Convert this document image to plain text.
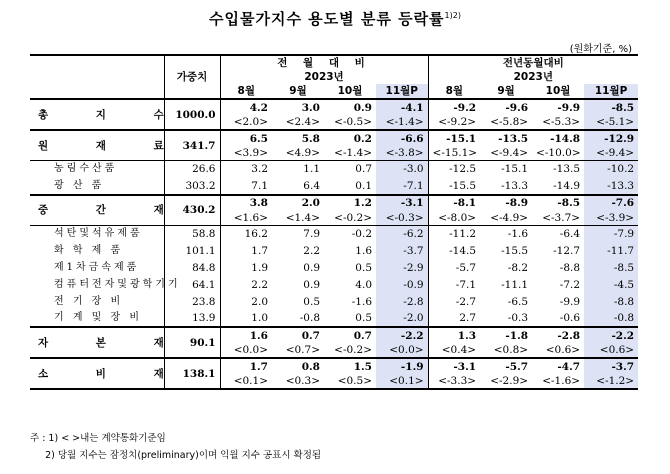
수입물가지수 용도별 분류 등락률$^{1)2)}$
(원화기준, %)
	가중치	전 월 대 비				전년동월대비			
		2023년				2023년			
		8월	9월	10월	11월P	8월	9월	10월	11월P
총 지 수	1000.0	4.2	3.0	0.9	-4.1	-9.2	-9.6	-9.9	-8.5
		<2.0>	<2.4>	<-0.5>	<-1.4>	<-9.2>	<-5.8>	<-5.3>	<-5.1>
원 재 료	341.7	6.5	5.8	0.2	-6.6	-15.1	-13.5	-14.8	-12.9
		<3.9>	<4.9>	<-1.4>	<-3.8>	<-15.1>	<-9.4>	<-10.0>	<-9.4>
농림수산품	26.6	3.2	1.1	0.7	-3.0	-12.5	-15.1	-13.5	-10.2
광 산 품	303.2	7.1	6.4	0.1	-7.1	-15.5	-13.3	-14.9	-13.3
중 간 재	430.2	3.8	2.0	1.2	-3.1	-8.1	-8.9	-8.5	-7.6
		<1.6>	<1.4>	<-0.2>	<-0.3>	<-8.0>	<-4.9>	<-3.7>	<-3.9>
석탄및석유제품	58.8	16.2	7.9	-0.2	-6.2	-11.2	-1.6	-6.4	-7.9
화 학 제 품	101.1	1.7	2.2	1.6	-3.7	-14.5	-15.5	-12.7	-11.7
제1차금속제품	84.8	1.9	0.9	0.5	-2.9	-5.7	-8.2	-8.8	-8.5
컴퓨터전자및광학기기	64.1	2.2	0.9	4.0	-0.9	-7.1	-11.1	-7.2	-4.5
전 기 장 비	23.8	2.0	0.5	-1.6	-2.8	-2.7	-6.5	-9.9	-8.8
기 계 및 장 비	13.9	1.0	-0.8	0.5	-2.0	2.7	-0.3	-0.6	-0.8
자 본 재	90.1	1.6	0.7	0.7	-2.2	1.3	-1.8	-2.8	-2.2
		<0.0>	<0.7>	<-0.2>	<0.0>	<0.4>	<0.8>	<0.6>	<0.6>
소 비 재	138.1	1.7	0.8	1.5	-1.9	-3.1	-5.7	-4.7	-3.7
		<0.1>	<0.3>	<0.5>	<0.1>	<-3.3>	<-2.9>	<-1.6>	<-1.2>
주 : 1) < >내는 계약통화기준임
2) 당월 지수는 잠정치(preliminary)이며 익월 지수 공표시 확정됨
